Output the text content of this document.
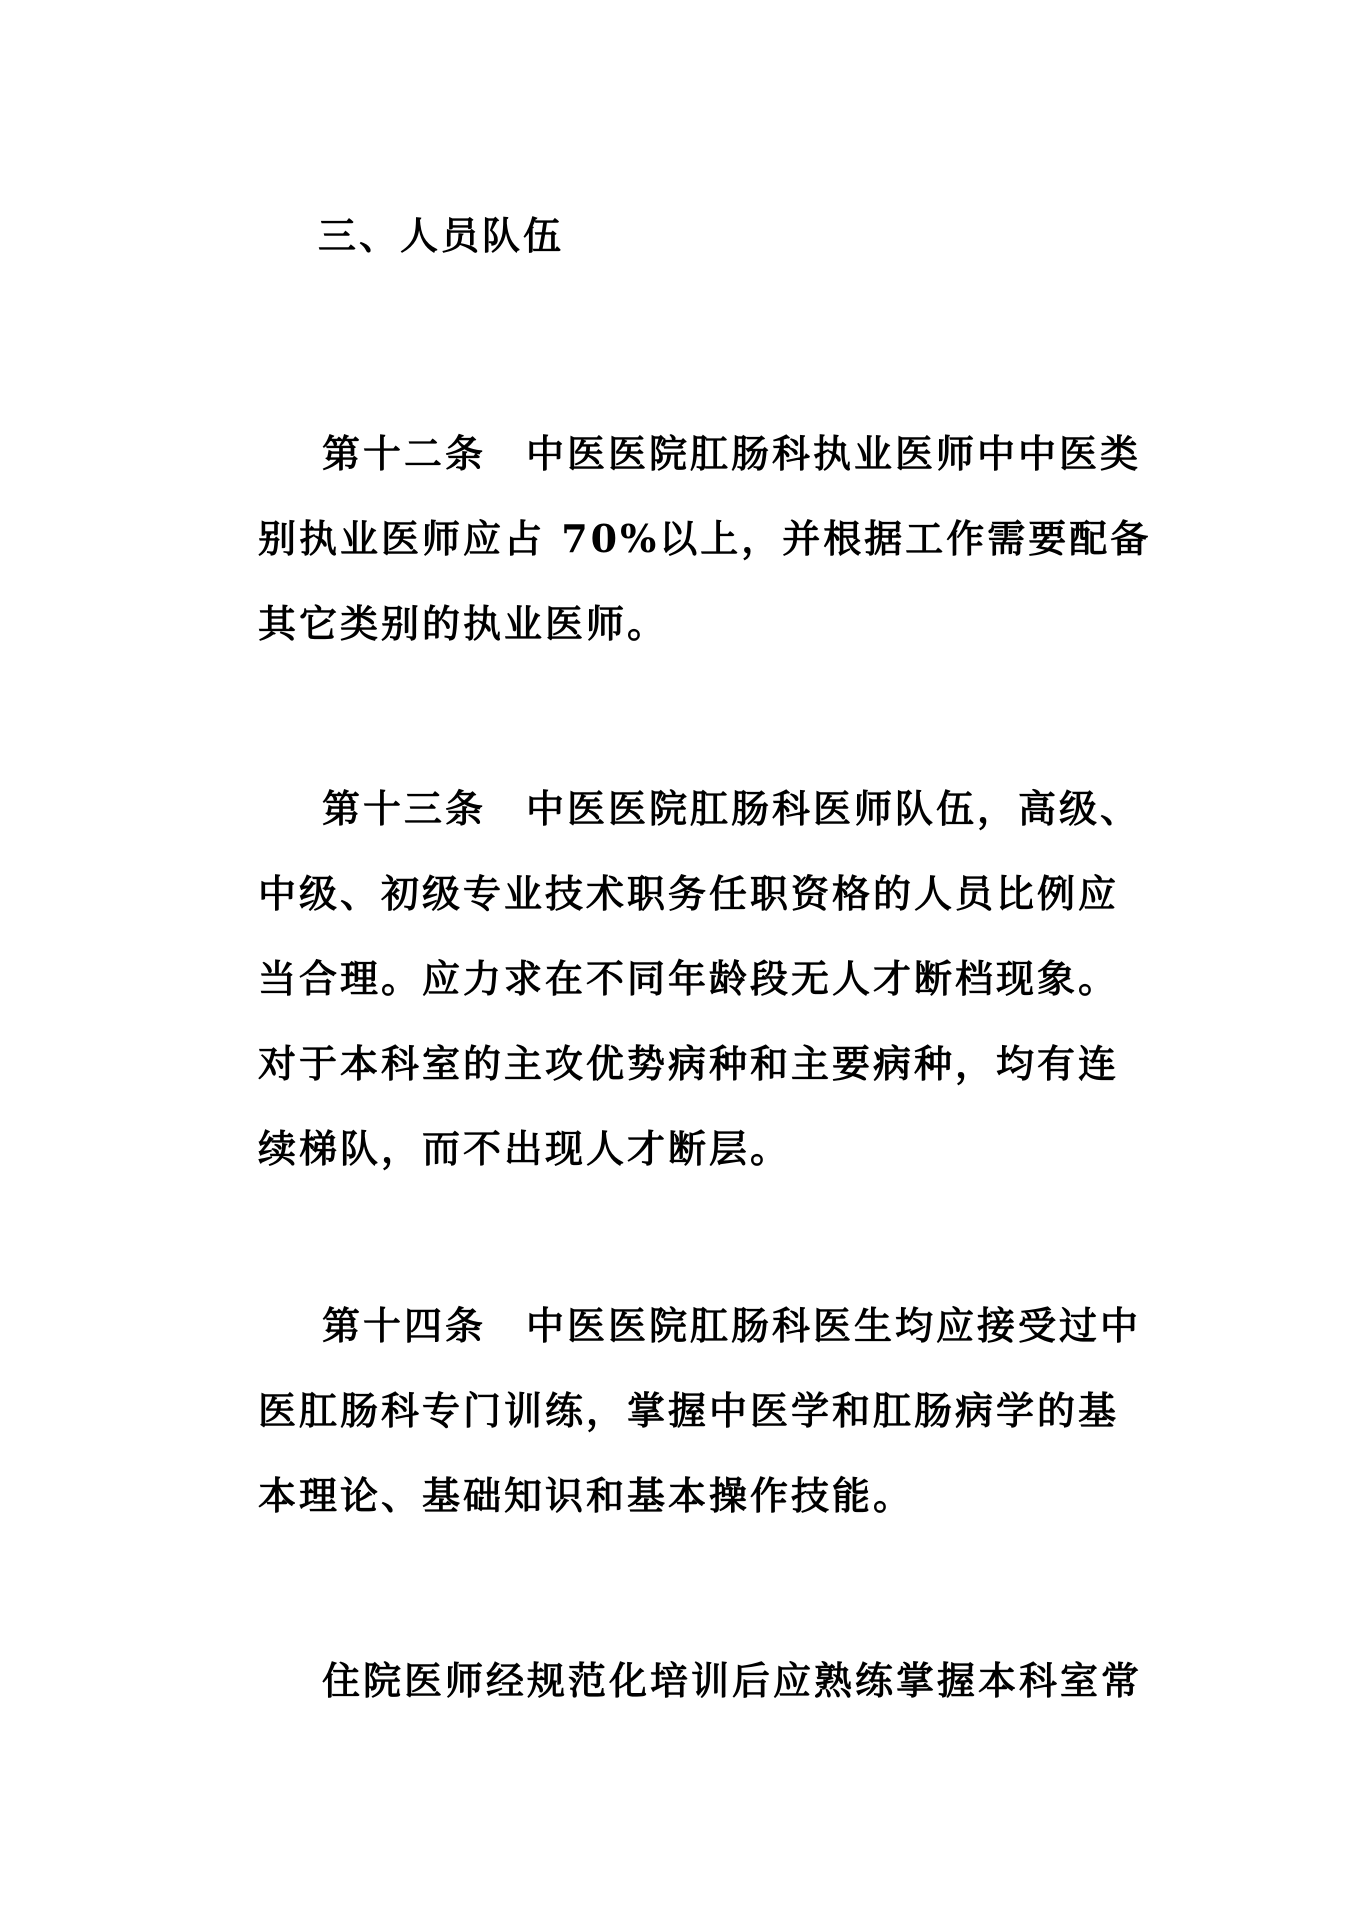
三、人员队伍
第十二条 中医医院肛肠科执业医师中中医类别执业医师应占 70%以上，并根据工作需要配备其它类别的执业医师。
第十三条 中医医院肛肠科医师队伍，高级、中级、初级专业技术职务任职资格的人员比例应当合理。应力求在不同年龄段无人才断档现象。对于本科室的主攻优势病种和主要病种，均有连续梯队，而不出现人才断层。
第十四条 中医医院肛肠科医生均应接受过中医肛肠科专门训练，掌握中医学和肛肠病学的基本理论、基础知识和基本操作技能。
住院医师经规范化培训后应熟练掌握本科室常
